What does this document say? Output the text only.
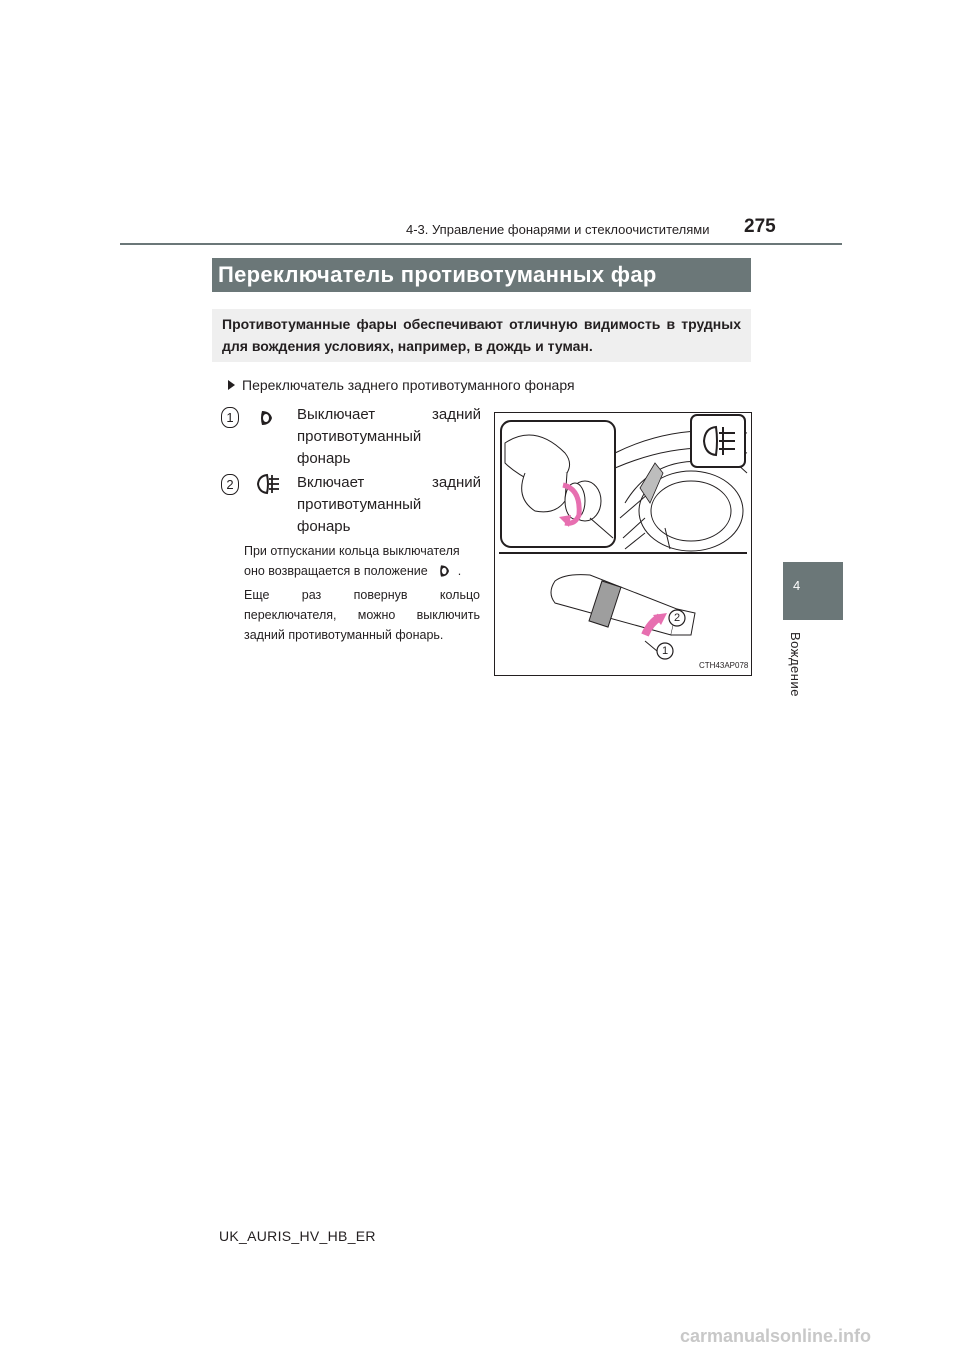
4-3. Управление фонарями и стеклоочистителями 275
4
Вождение
Переключатель противотуманных фар
Противотуманные фары обеспечивают отличную видимость в трудных для вождения условиях, например, в дождь и туман.
Переключатель заднего противотуманного фонаря
1	Выключает	задний
противотуманный
фонарь
2	Включает	задний
противотуманный
фонарь
При отпускании кольца выключателя
оно возвращается в положение .
Еще	раз	повернув	кольцо
переключателя, можно выключить
задний противотуманный фонарь.
2
1
CTH43AP078
UK_AURIS_HV_HB_ER
carmanualsonline.info
